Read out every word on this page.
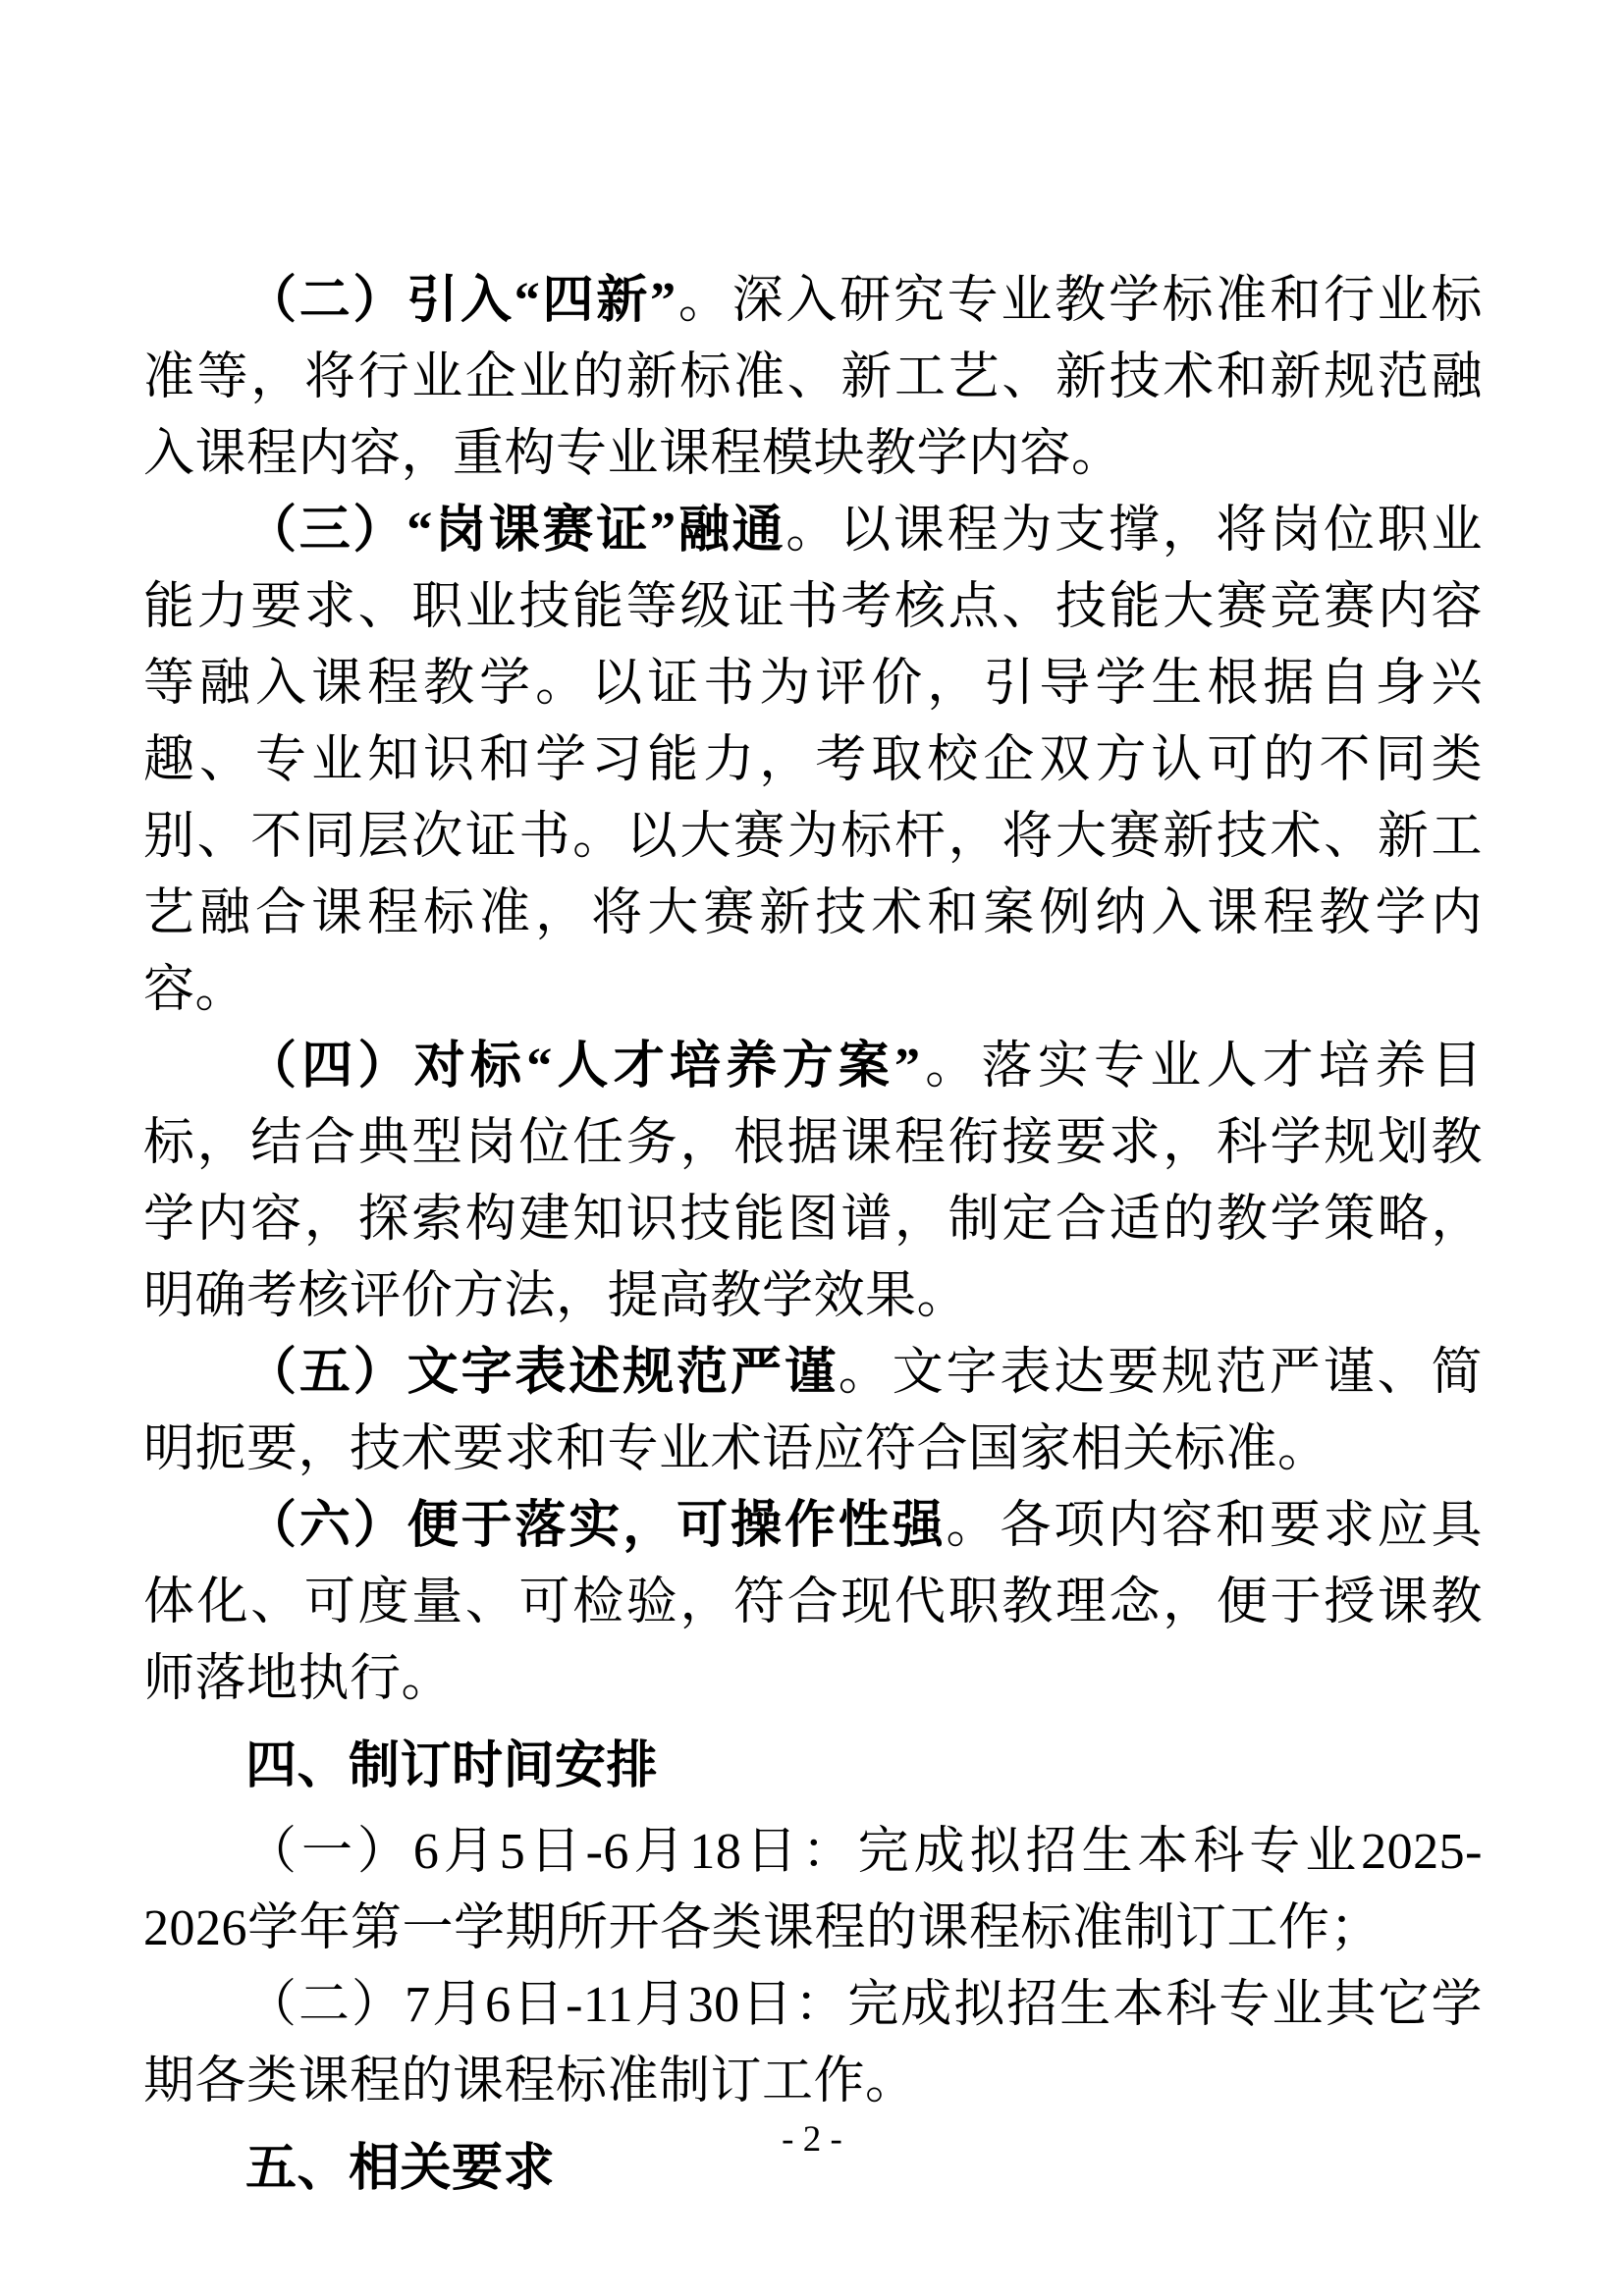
（二）引入“四新”。深入研究专业教学标准和行业标准等，将行业企业的新标准、新工艺、新技术和新规范融入课程内容，重构专业课程模块教学内容。

（三）“岗课赛证”融通。以课程为支撑，将岗位职业能力要求、职业技能等级证书考核点、技能大赛竞赛内容等融入课程教学。以证书为评价，引导学生根据自身兴趣、专业知识和学习能力，考取校企双方认可的不同类别、不同层次证书。以大赛为标杆，将大赛新技术、新工艺融合课程标准，将大赛新技术和案例纳入课程教学内容。

（四）对标“人才培养方案”。落实专业人才培养目标，结合典型岗位任务，根据课程衔接要求，科学规划教学内容，探索构建知识技能图谱，制定合适的教学策略，明确考核评价方法，提高教学效果。

（五）文字表述规范严谨。文字表达要规范严谨、简明扼要，技术要求和专业术语应符合国家相关标准。

（六）便于落实，可操作性强。各项内容和要求应具体化、可度量、可检验，符合现代职教理念，便于授课教师落地执行。

四、制订时间安排

（一）6月5日-6月18日：完成拟招生本科专业2025-2026学年第一学期所开各类课程的课程标准制订工作；

（二）7月6日-11月30日：完成拟招生本科专业其它学期各类课程的课程标准制订工作。

五、相关要求

- 2 -
